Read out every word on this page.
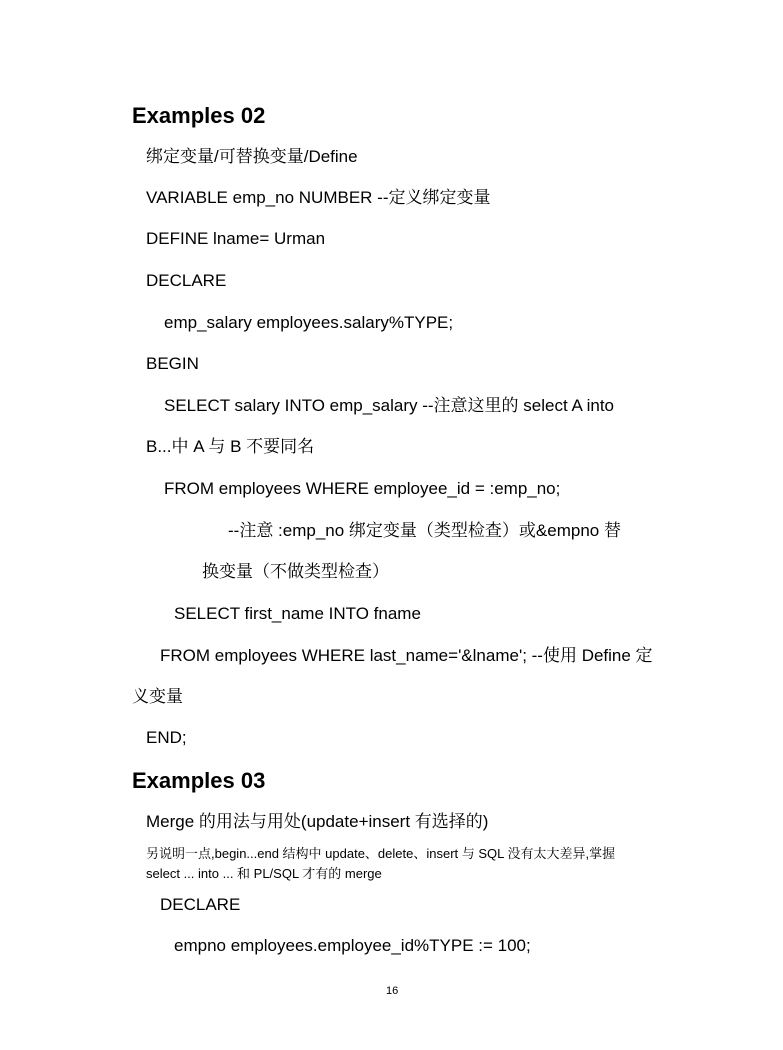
Examples 02
绑定变量/可替换变量/Define
VARIABLE emp_no NUMBER --定义绑定变量
DEFINE lname= Urman
DECLARE
emp_salary employees.salary%TYPE;
BEGIN
SELECT salary INTO emp_salary --注意这里的 select A into
B...中 A 与 B 不要同名
FROM employees WHERE employee_id = :emp_no;
--注意 :emp_no 绑定变量（类型检查）或&empno 替
换变量（不做类型检查）
SELECT first_name INTO fname
FROM employees WHERE last_name='&lname'; --使用 Define 定
义变量
END;
Examples 03
Merge 的用法与用处(update+insert 有选择的)
另说明一点,begin...end 结构中 update、delete、insert 与 SQL 没有太大差异,掌握
select ... into ... 和 PL/SQL 才有的 merge
DECLARE
empno employees.employee_id%TYPE := 100;
16
